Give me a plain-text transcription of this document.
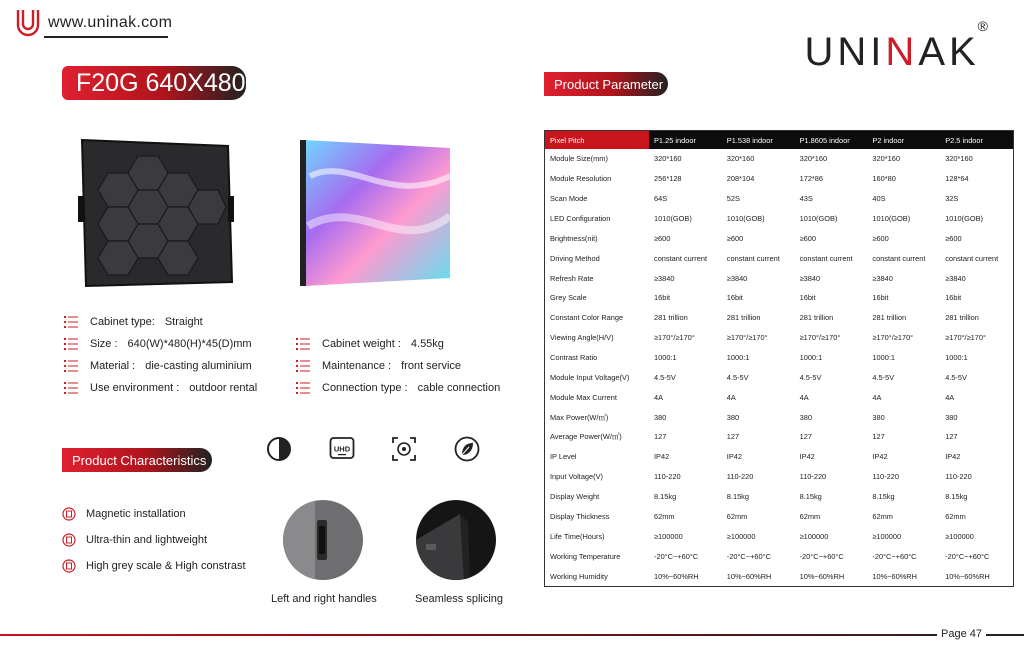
www.uninak.com
UNINAK®
F20G 640X480
Cabinet type: Straight
Size : 640(W)*480(H)*45(D)mm
Material : die-casting aluminium
Use environment : outdoor rental
Cabinet weight : 4.55kg
Maintenance : front service
Connection type : cable connection
Product Characteristics
Magnetic installation
Ultra-thin and lightweight
High grey scale & High constrast
UHD
Left and right handles	Seamless splicing
Product Parameter
Pixel Pitch	P1.25 indoor	P1.538 indoor	P1.8605 indoor	P2 indoor	P2.5 indoor
Module Size(mm)	320*160	320*160	320*160	320*160	320*160
Module Resolution	256*128	208*104	172*86	160*80	128*64
Scan Mode	64S	52S	43S	40S	32S
LED Configuration	1010(GOB)	1010(GOB)	1010(GOB)	1010(GOB)	1010(GOB)
Brightness(nit)	≥600	≥600	≥600	≥600	≥600
Driving Method	constant current	constant current	constant current	constant current	constant current
Refresh Rate	≥3840	≥3840	≥3840	≥3840	≥3840
Grey Scale	16bit	16bit	16bit	16bit	16bit
Constant Color Range	281 trillion	281 trillion	281 trillion	281 trillion	281 trillion
Viewing Angle(H/V)	≥170°/≥170°	≥170°/≥170°	≥170°/≥170°	≥170°/≥170°	≥170°/≥170°
Contrast Ratio	1000:1	1000:1	1000:1	1000:1	1000:1
Module Input Voltage(V)	4.5-5V	4.5-5V	4.5-5V	4.5-5V	4.5-5V
Module Max Current	4A	4A	4A	4A	4A
Max Power(W/㎡)	380	380	380	380	380
Average Power(W/㎡)	127	127	127	127	127
IP Level	IP42	IP42	IP42	IP42	IP42
Input Voltage(V)	110-220	110-220	110-220	110-220	110-220
Display Weight	8.15kg	8.15kg	8.15kg	8.15kg	8.15kg
Display Thickness	62mm	62mm	62mm	62mm	62mm
Life Time(Hours)	≥100000	≥100000	≥100000	≥100000	≥100000
Working Temperature	-20°C~+60°C	-20°C~+60°C	-20°C~+60°C	-20°C~+60°C	-20°C~+60°C
Working Humidity	10%~60%RH	10%~60%RH	10%~60%RH	10%~60%RH	10%~60%RH
Page 47
